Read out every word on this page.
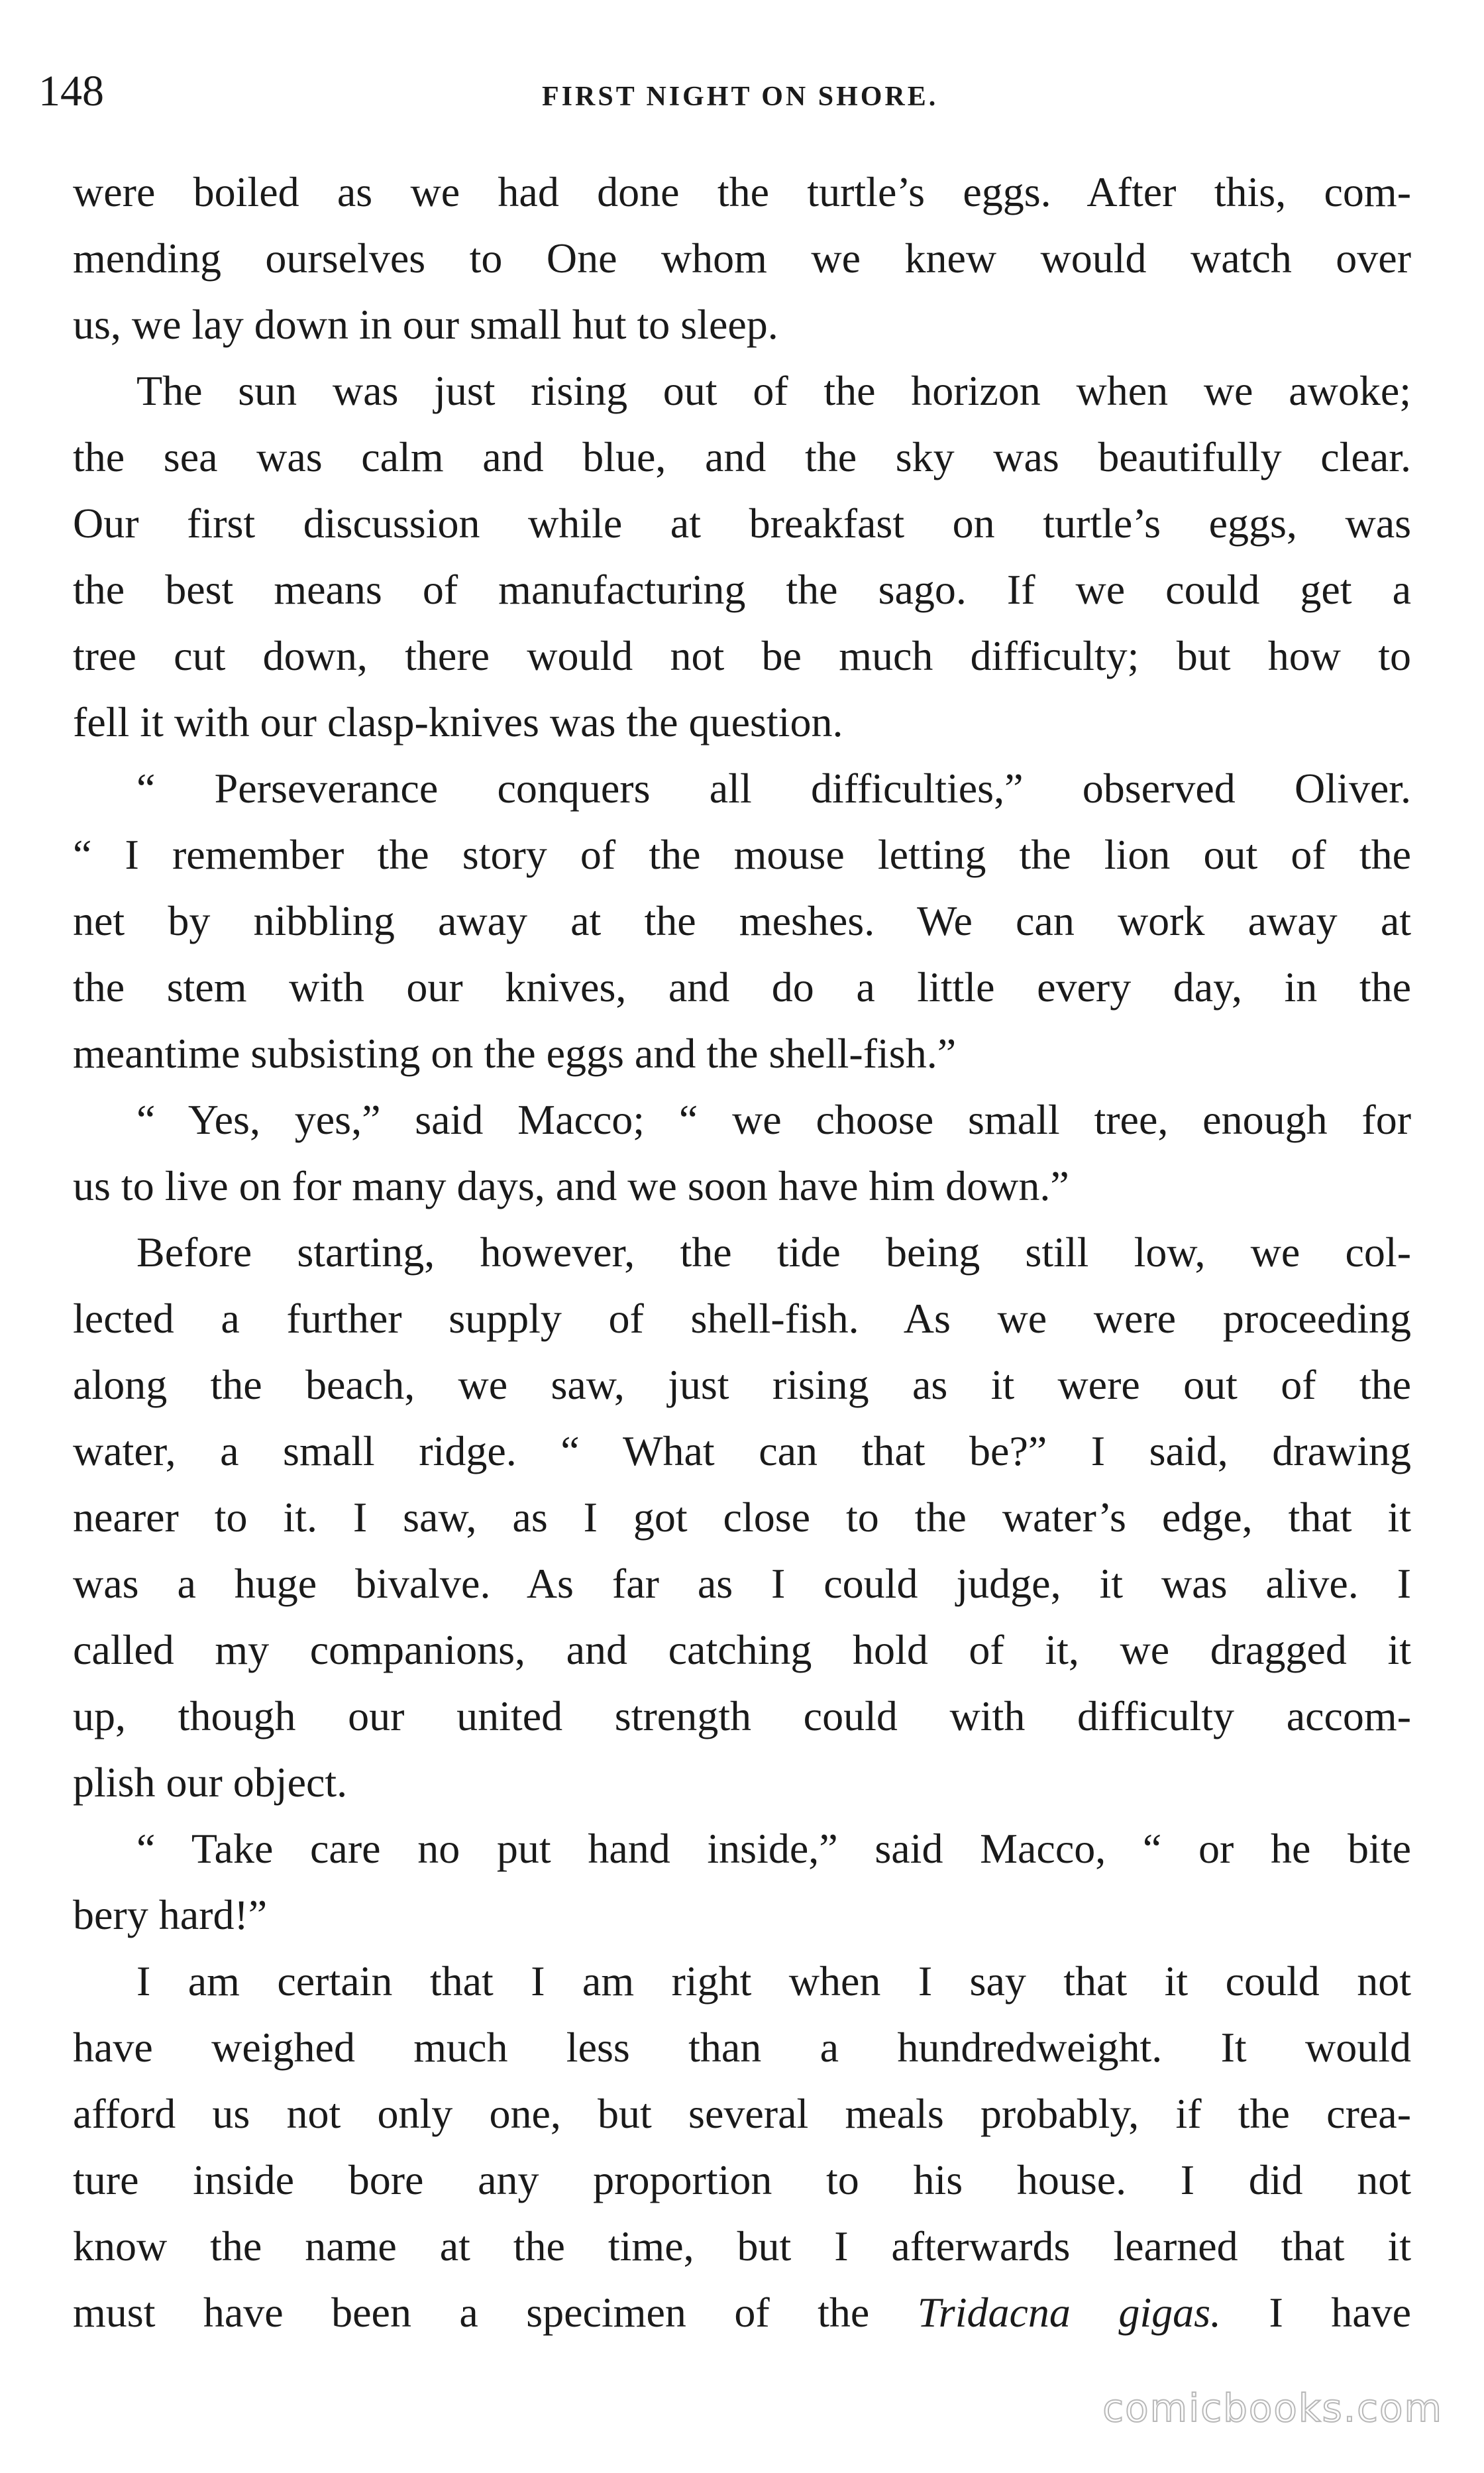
148	FIRST NIGHT ON SHORE.
were boiled as we had done the turtle’s eggs. After this, com-
mending ourselves to One whom we knew would watch over
us, we lay down in our small hut to sleep.
The sun was just rising out of the horizon when we awoke;
the sea was calm and blue, and the sky was beautifully clear.
Our first discussion while at breakfast on turtle’s eggs, was
the best means of manufacturing the sago. If we could get a
tree cut down, there would not be much difficulty; but how to
fell it with our clasp-knives was the question.
“ Perseverance conquers all difficulties,” observed Oliver.
“ I remember the story of the mouse letting the lion out of the
net by nibbling away at the meshes. We can work away at
the stem with our knives, and do a little every day, in the
meantime subsisting on the eggs and the shell-fish.”
“ Yes, yes,” said Macco; “ we choose small tree, enough for
us to live on for many days, and we soon have him down.”
Before starting, however, the tide being still low, we col-
lected a further supply of shell-fish. As we were proceeding
along the beach, we saw, just rising as it were out of the
water, a small ridge. “ What can that be?” I said, drawing
nearer to it. I saw, as I got close to the water’s edge, that it
was a huge bivalve. As far as I could judge, it was alive. I
called my companions, and catching hold of it, we dragged it
up, though our united strength could with difficulty accom-
plish our object.
“ Take care no put hand inside,” said Macco, “ or he bite
bery hard!”
I am certain that I am right when I say that it could not
have weighed much less than a hundredweight. It would
afford us not only one, but several meals probably, if the crea-
ture inside bore any proportion to his house. I did not
know the name at the time, but I afterwards learned that it
must have been a specimen of the Tridacna gigas. I have
comicbooks.com
